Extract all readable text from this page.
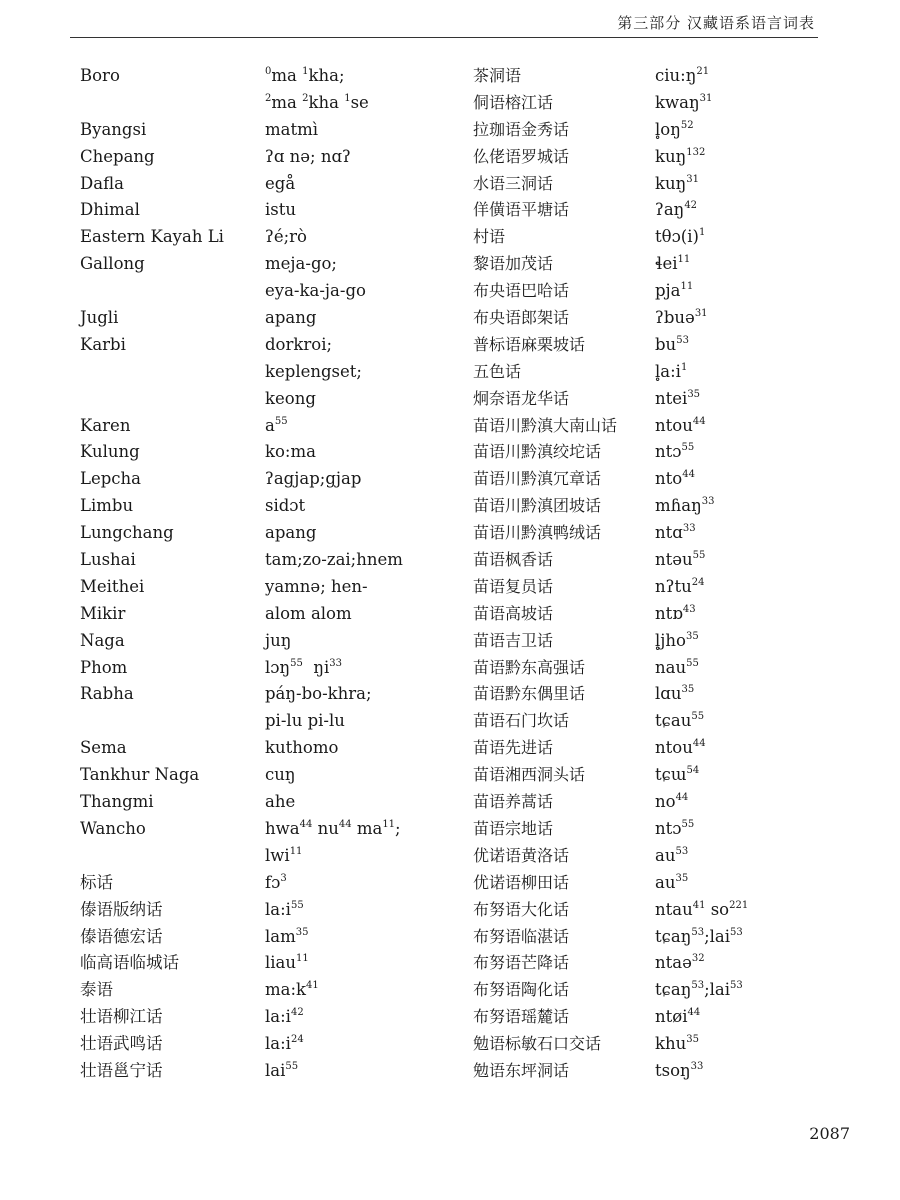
第三部分 汉藏语系语言词表
Boro
Byangsi
Chepang
Dafla
Dhimal
Eastern Kayah Li
Gallong
Jugli
Karbi
Karen
Kulung
Lepcha
Limbu
Lungchang
Lushai
Meithei
Mikir
Naga
Phom
Rabha
Sema
Tankhur Naga
Thangmi
Wancho
标话
傣语版纳话
傣语德宏话
临高语临城话
泰语
壮语柳江话
壮语武鸣话
壮语邕宁话
$^0$ma $^1$kha;
$^2$ma $^2$kha $^1$se
matmì
ʔɑ nə; nɑʔ
egå
istu
ʔé;rò
meja-go;
eya-ka-ja-go
apang
dorkroi;
keplengset;
keong
$a^{55}$
ko:ma
ʔagjap;gjap
sidɔt
apang
tam;zo-zai;hnem
yamnə; hen-
alom alom
juŋ
lɔŋ$^{55}$ $ŋi^{33}$
páŋ-bo-khra;
pi-lu pi-lu
kuthomo
cuŋ
ahe
hwa$^{44}$ $nu^{44}$ $ma^{11}$;
lwi$^{11}$
fɔ$^3$
$la:i^{55}$
lam$^{35}$
liau$^{11}$
$ma:k^{41}$
$la:i^{42}$
$la:i^{24}$
lai$^{55}$
茶洞语
侗语榕江话
拉珈语金秀话
仫佬语罗城话
水语三洞话
佯僙语平塘话
村语
黎语加茂话
布央语巴哈话
布央语郎架话
普标语麻栗坡话
五色话
炯奈语龙华话
苗语川黔滇大南山话
苗语川黔滇绞坨话
苗语川黔滇冗章话
苗语川黔滇团坡话
苗语川黔滇鸭绒话
苗语枫香话
苗语复员话
苗语高坡话
苗语吉卫话
苗语黔东高强话
苗语黔东偶里话
苗语石门坎话
苗语先进话
苗语湘西洞头话
苗语养蒿话
苗语宗地话
优诺语黄洛话
优诺语柳田话
布努语大化话
布努语临湛话
布努语芒降话
布努语陶化话
布努语瑶麓话
勉语标敏石口交话
勉语东坪洞话
$ciu:ŋ^{21}$
kwaŋ$^{31}$
$l̥oŋ^{52}$
kuŋ$^{132}$
kuŋ$^{31}$
ʔaŋ$^{42}$
$t\theta ɔ(i)^1$
ɬei$^{11}$
pja$^{11}$
ʔbuə$^{31}$
$bu^{53}$
$l̥a:i^1$
ntei$^{35}$
ntou$^{44}$
ntɔ$^{55}$
nto$^{44}$
mɦaŋ$^{33}$
ntɑ$^{33}$
ntəu$^{55}$
nʔtu$^{24}$
ntɒ$^{43}$
l̥jho$^{35}$
nau$^{55}$
lɑu$^{35}$
tɕau$^{55}$
ntou$^{44}$
tɕɯ$^{54}$
$no^{44}$
ntɔ$^{55}$
$au^{53}$
$au^{35}$
ntau$^{41}$ $so^{221}$
tɕaŋ$^{53}$;lai$^{53}$
ntaə$^{32}$
tɕaŋ$^{53}$;lai$^{53}$
ntøi$^{44}$
khu$^{35}$
tsoŋ$^{33}$
2087
